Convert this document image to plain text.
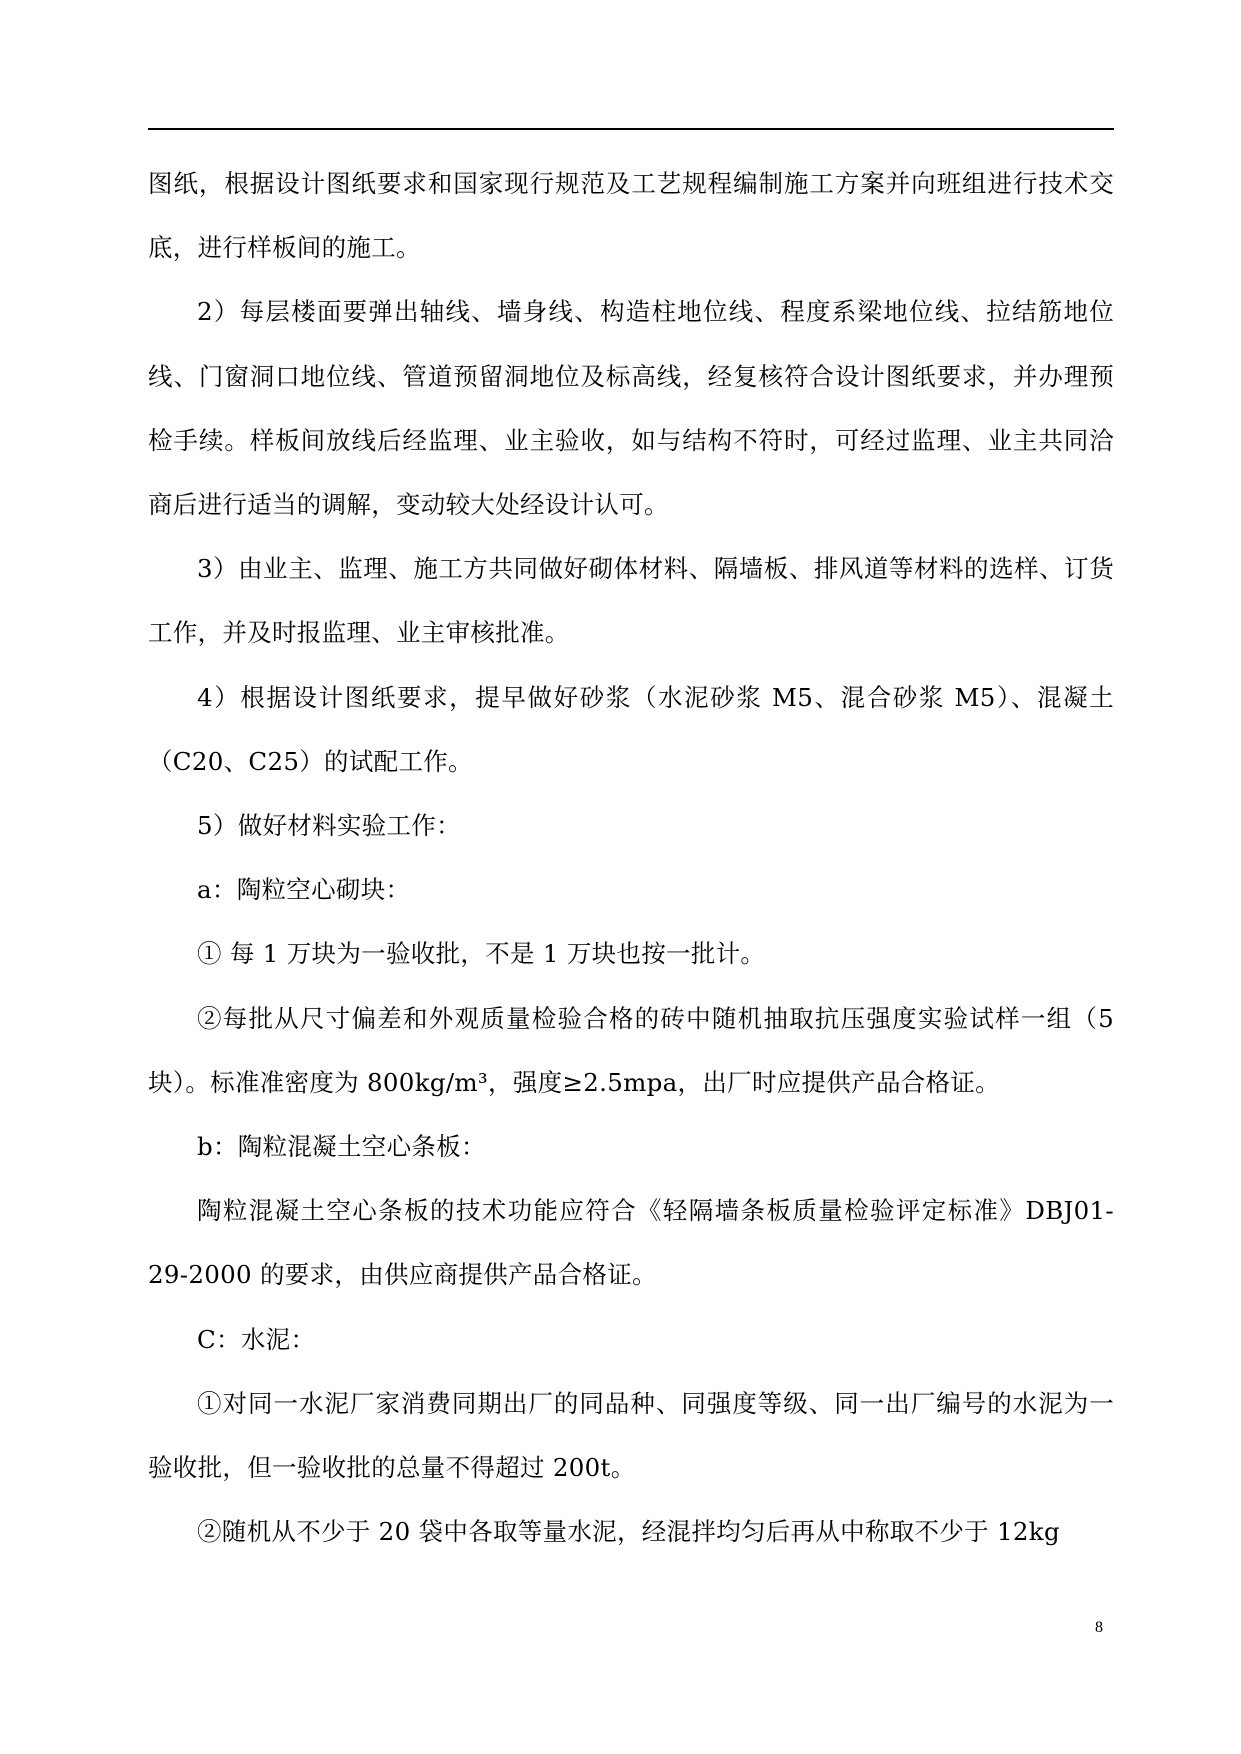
图纸，根据设计图纸要求和国家现行规范及工艺规程编制施工方案并向班组进行技术交底，进行样板间的施工。

2）每层楼面要弹出轴线、墙身线、构造柱地位线、程度系梁地位线、拉结筋地位线、门窗洞口地位线、管道预留洞地位及标高线，经复核符合设计图纸要求，并办理预检手续。样板间放线后经监理、业主验收，如与结构不符时，可经过监理、业主共同洽商后进行适当的调解，变动较大处经设计认可。

3）由业主、监理、施工方共同做好砌体材料、隔墙板、排风道等材料的选样、订货工作，并及时报监理、业主审核批准。

4）根据设计图纸要求，提早做好砂浆（水泥砂浆 M5、混合砂浆 M5）、混凝土（C20、C25）的试配工作。

5）做好材料实验工作：

a：陶粒空心砌块：

① 每 1 万块为一验收批，不是 1 万块也按一批计。

②每批从尺寸偏差和外观质量检验合格的砖中随机抽取抗压强度实验试样一组（5 块）。标准准密度为 800kg/m³，强度≥2.5mpa，出厂时应提供产品合格证。

b：陶粒混凝土空心条板：

陶粒混凝土空心条板的技术功能应符合《轻隔墙条板质量检验评定标准》DBJ01-29-2000 的要求，由供应商提供产品合格证。

C：水泥：

①对同一水泥厂家消费同期出厂的同品种、同强度等级、同一出厂编号的水泥为一验收批，但一验收批的总量不得超过 200t。

②随机从不少于 20 袋中各取等量水泥，经混拌均匀后再从中称取不少于 12kg

8
